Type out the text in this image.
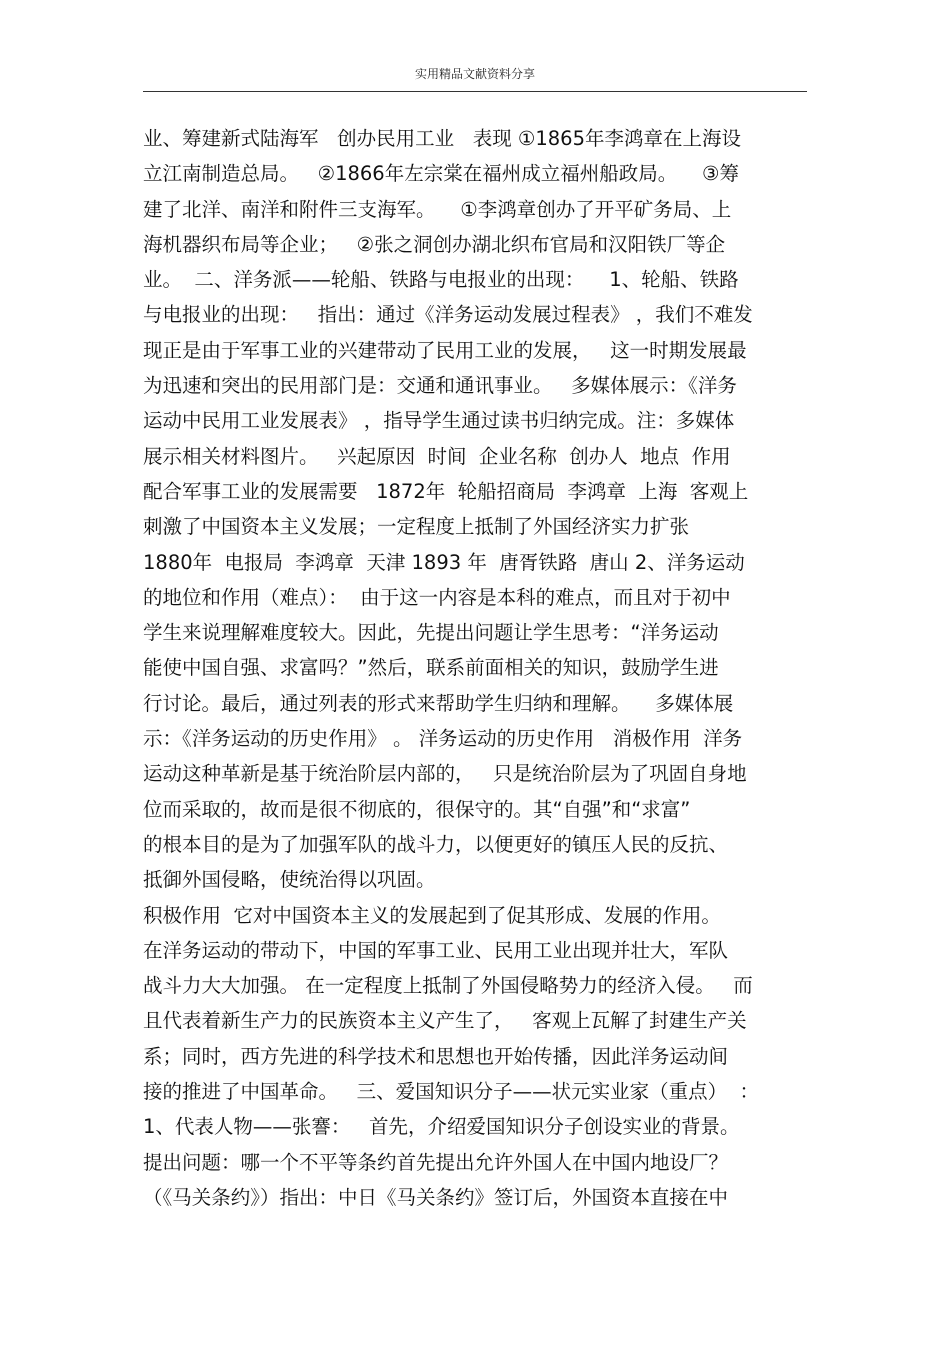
实用精品文献资料分享
业、筹建新式陆海军   创办民用工业   表现 ①1865年李鸿章在上海设
立江南制造总局。   ②1866年左宗棠在福州成立福州船政局。    ③筹
建了北洋、南洋和附件三支海军。    ①李鸿章创办了开平矿务局、上
海机器织布局等企业；   ②张之洞创办湖北织布官局和汉阳铁厂等企
业。  二、洋务派——轮船、铁路与电报业的出现：    1、轮船、铁路
与电报业的出现：   指出：通过《洋务运动发展过程表》 ，我们不难发
现正是由于军事工业的兴建带动了民用工业的发展，   这一时期发展最
为迅速和突出的民用部门是：交通和通讯事业。   多媒体展示：《洋务
运动中民用工业发展表》 ，指导学生通过读书归纳完成。注：多媒体
展示相关材料图片。   兴起原因  时间  企业名称  创办人  地点  作用
配合军事工业的发展需要   1872年  轮船招商局  李鸿章  上海  客观上
刺激了中国资本主义发展；一定程度上抵制了外国经济实力扩张
1880年  电报局  李鸿章  天津 1893 年  唐胥铁路  唐山 2、洋务运动
的地位和作用（难点）：  由于这一内容是本科的难点，而且对于初中
学生来说理解难度较大。因此，先提出问题让学生思考：“洋务运动
能使中国自强、求富吗？”然后，联系前面相关的知识，鼓励学生进
行讨论。最后，通过列表的形式来帮助学生归纳和理解。    多媒体展
示：《洋务运动的历史作用》 。 洋务运动的历史作用   消极作用  洋务
运动这种革新是基于统治阶层内部的，   只是统治阶层为了巩固自身地
位而采取的，故而是很不彻底的，很保守的。其“自强”和“求富”
的根本目的是为了加强军队的战斗力，以便更好的镇压人民的反抗、
抵御外国侵略，使统治得以巩固。
积极作用  它对中国资本主义的发展起到了促其形成、发展的作用。
在洋务运动的带动下，中国的军事工业、民用工业出现并壮大，军队
战斗力大大加强。 在一定程度上抵制了外国侵略势力的经济入侵。   而
且代表着新生产力的民族资本主义产生了，   客观上瓦解了封建生产关
系；同时，西方先进的科学技术和思想也开始传播，因此洋务运动间
接的推进了中国革命。   三、爱国知识分子——状元实业家（重点）  ：
1、代表人物——张謇：   首先，介绍爱国知识分子创设实业的背景。
提出问题：哪一个不平等条约首先提出允许外国人在中国内地设厂？
（《马关条约》）指出：中日《马关条约》签订后，外国资本直接在中
